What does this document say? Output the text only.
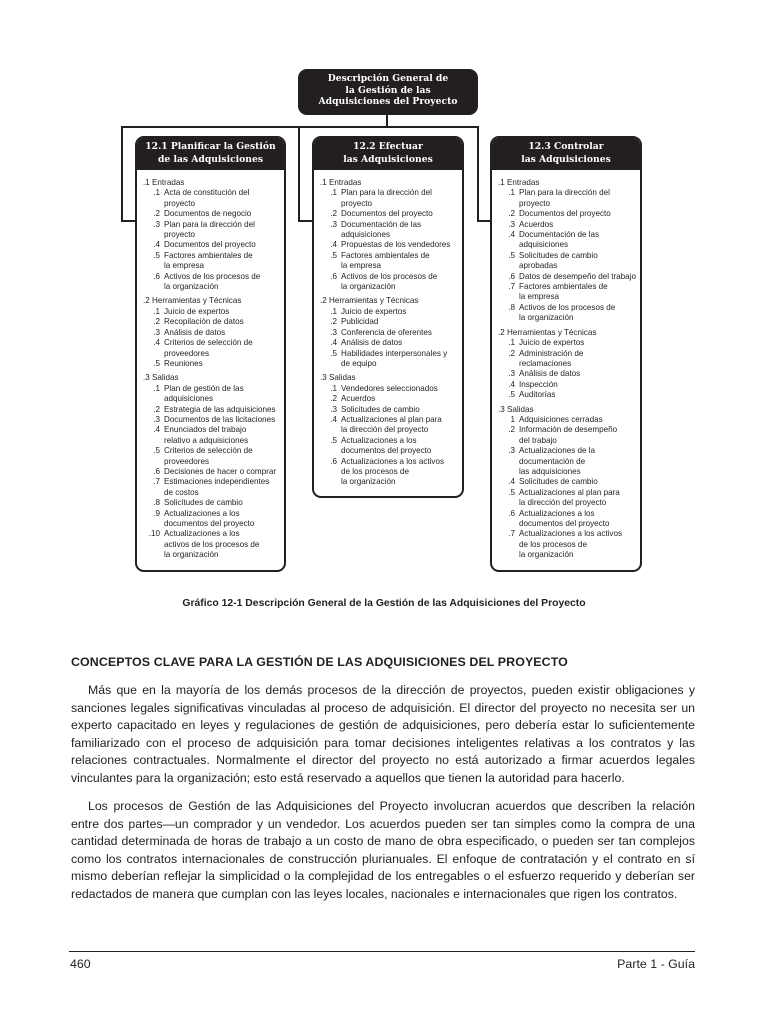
Descripción General de
la Gestión de las
Adquisiciones del Proyecto
12.1 Planificar la Gestión
de las Adquisiciones
.1 Entradas
.1 Acta de constitución del
proyecto
.2 Documentos de negocio
.3 Plan para la dirección del
proyecto
.4 Documentos del proyecto
.5 Factores ambientales de
la empresa
.6 Activos de los procesos de
la organización
.2 Herramientas y Técnicas
.1 Juicio de expertos
.2 Recopilación de datos
.3 Análisis de datos
.4 Criterios de selección de
proveedores
.5 Reuniones
.3 Salidas
.1 Plan de gestión de las
adquisiciones
.2 Estrategia de las adquisiciones
.3 Documentos de las licitaciones
.4 Enunciados del trabajo
relativo a adquisiciones
.5 Criterios de selección de
proveedores
.6 Decisiones de hacer o comprar
.7 Estimaciones independientes
de costos
.8 Solicitudes de cambio
.9 Actualizaciones a los
documentos del proyecto
.10 Actualizaciones a los
activos de los procesos de
la organización
12.2 Efectuar
las Adquisiciones
.1 Entradas
.1 Plan para la dirección del
proyecto
.2 Documentos del proyecto
.3 Documentación de las
adquisiciones
.4 Propuestas de los vendedores
.5 Factores ambientales de
la empresa
.6 Activos de los procesos de
la organización
.2 Herramientas y Técnicas
.1 Juicio de expertos
.2 Publicidad
.3 Conferencia de oferentes
.4 Análisis de datos
.5 Habilidades interpersonales y
de equipo
.3 Salidas
.1 Vendedores seleccionados
.2 Acuerdos
.3 Solicitudes de cambio
.4 Actualizaciones al plan para
la dirección del proyecto
.5 Actualizaciones a los
documentos del proyecto
.6 Actualizaciones a los activos
de los procesos de
la organización
12.3 Controlar
las Adquisiciones
.1 Entradas
.1 Plan para la dirección del
proyecto
.2 Documentos del proyecto
.3 Acuerdos
.4 Documentación de las
adquisiciones
.5 Solicitudes de cambio
aprobadas
.6 Datos de desempeño del trabajo
.7 Factores ambientales de
la empresa
.8 Activos de los procesos de
la organización
.2 Herramientas y Técnicas
.1 Juicio de expertos
.2 Administración de
reclamaciones
.3 Análisis de datos
.4 Inspección
.5 Auditorías
.3 Salidas
1 Adquisiciones cerradas
.2 Información de desempeño
del trabajo
.3 Actualizaciones de la
documentación de
las adquisiciones
.4 Solicitudes de cambio
.5 Actualizaciones al plan para
la dirección del proyecto
.6 Actualizaciones a los
documentos del proyecto
.7 Actualizaciones a los activos
de los procesos de
la organización
Gráfico 12-1 Descripción General de la Gestión de las Adquisiciones del Proyecto
CONCEPTOS CLAVE PARA LA GESTIÓN DE LAS ADQUISICIONES DEL PROYECTO

Más que en la mayoría de los demás procesos de la dirección de proyectos, pueden existir obligaciones y sanciones legales significativas vinculadas al proceso de adquisición. El director del proyecto no necesita ser un experto capacitado en leyes y regulaciones de gestión de adquisiciones, pero debería estar lo suficientemente familiarizado con el proceso de adquisición para tomar decisiones inteligentes relativas a los contratos y las relaciones contractuales. Normalmente el director del proyecto no está autorizado a firmar acuerdos legales vinculantes para la organización; esto está reservado a aquellos que tienen la autoridad para hacerlo.

Los procesos de Gestión de las Adquisiciones del Proyecto involucran acuerdos que describen la relación entre dos partes—un comprador y un vendedor. Los acuerdos pueden ser tan simples como la compra de una cantidad determinada de horas de trabajo a un costo de mano de obra especificado, o pueden ser tan complejos como los contratos internacionales de construcción plurianuales. El enfoque de contratación y el contrato en sí mismo deberían reflejar la simplicidad o la complejidad de los entregables o el esfuerzo requerido y deberían ser redactados de manera que cumplan con las leyes locales, nacionales e internacionales que rigen los contratos.

460	Parte 1 - Guía
